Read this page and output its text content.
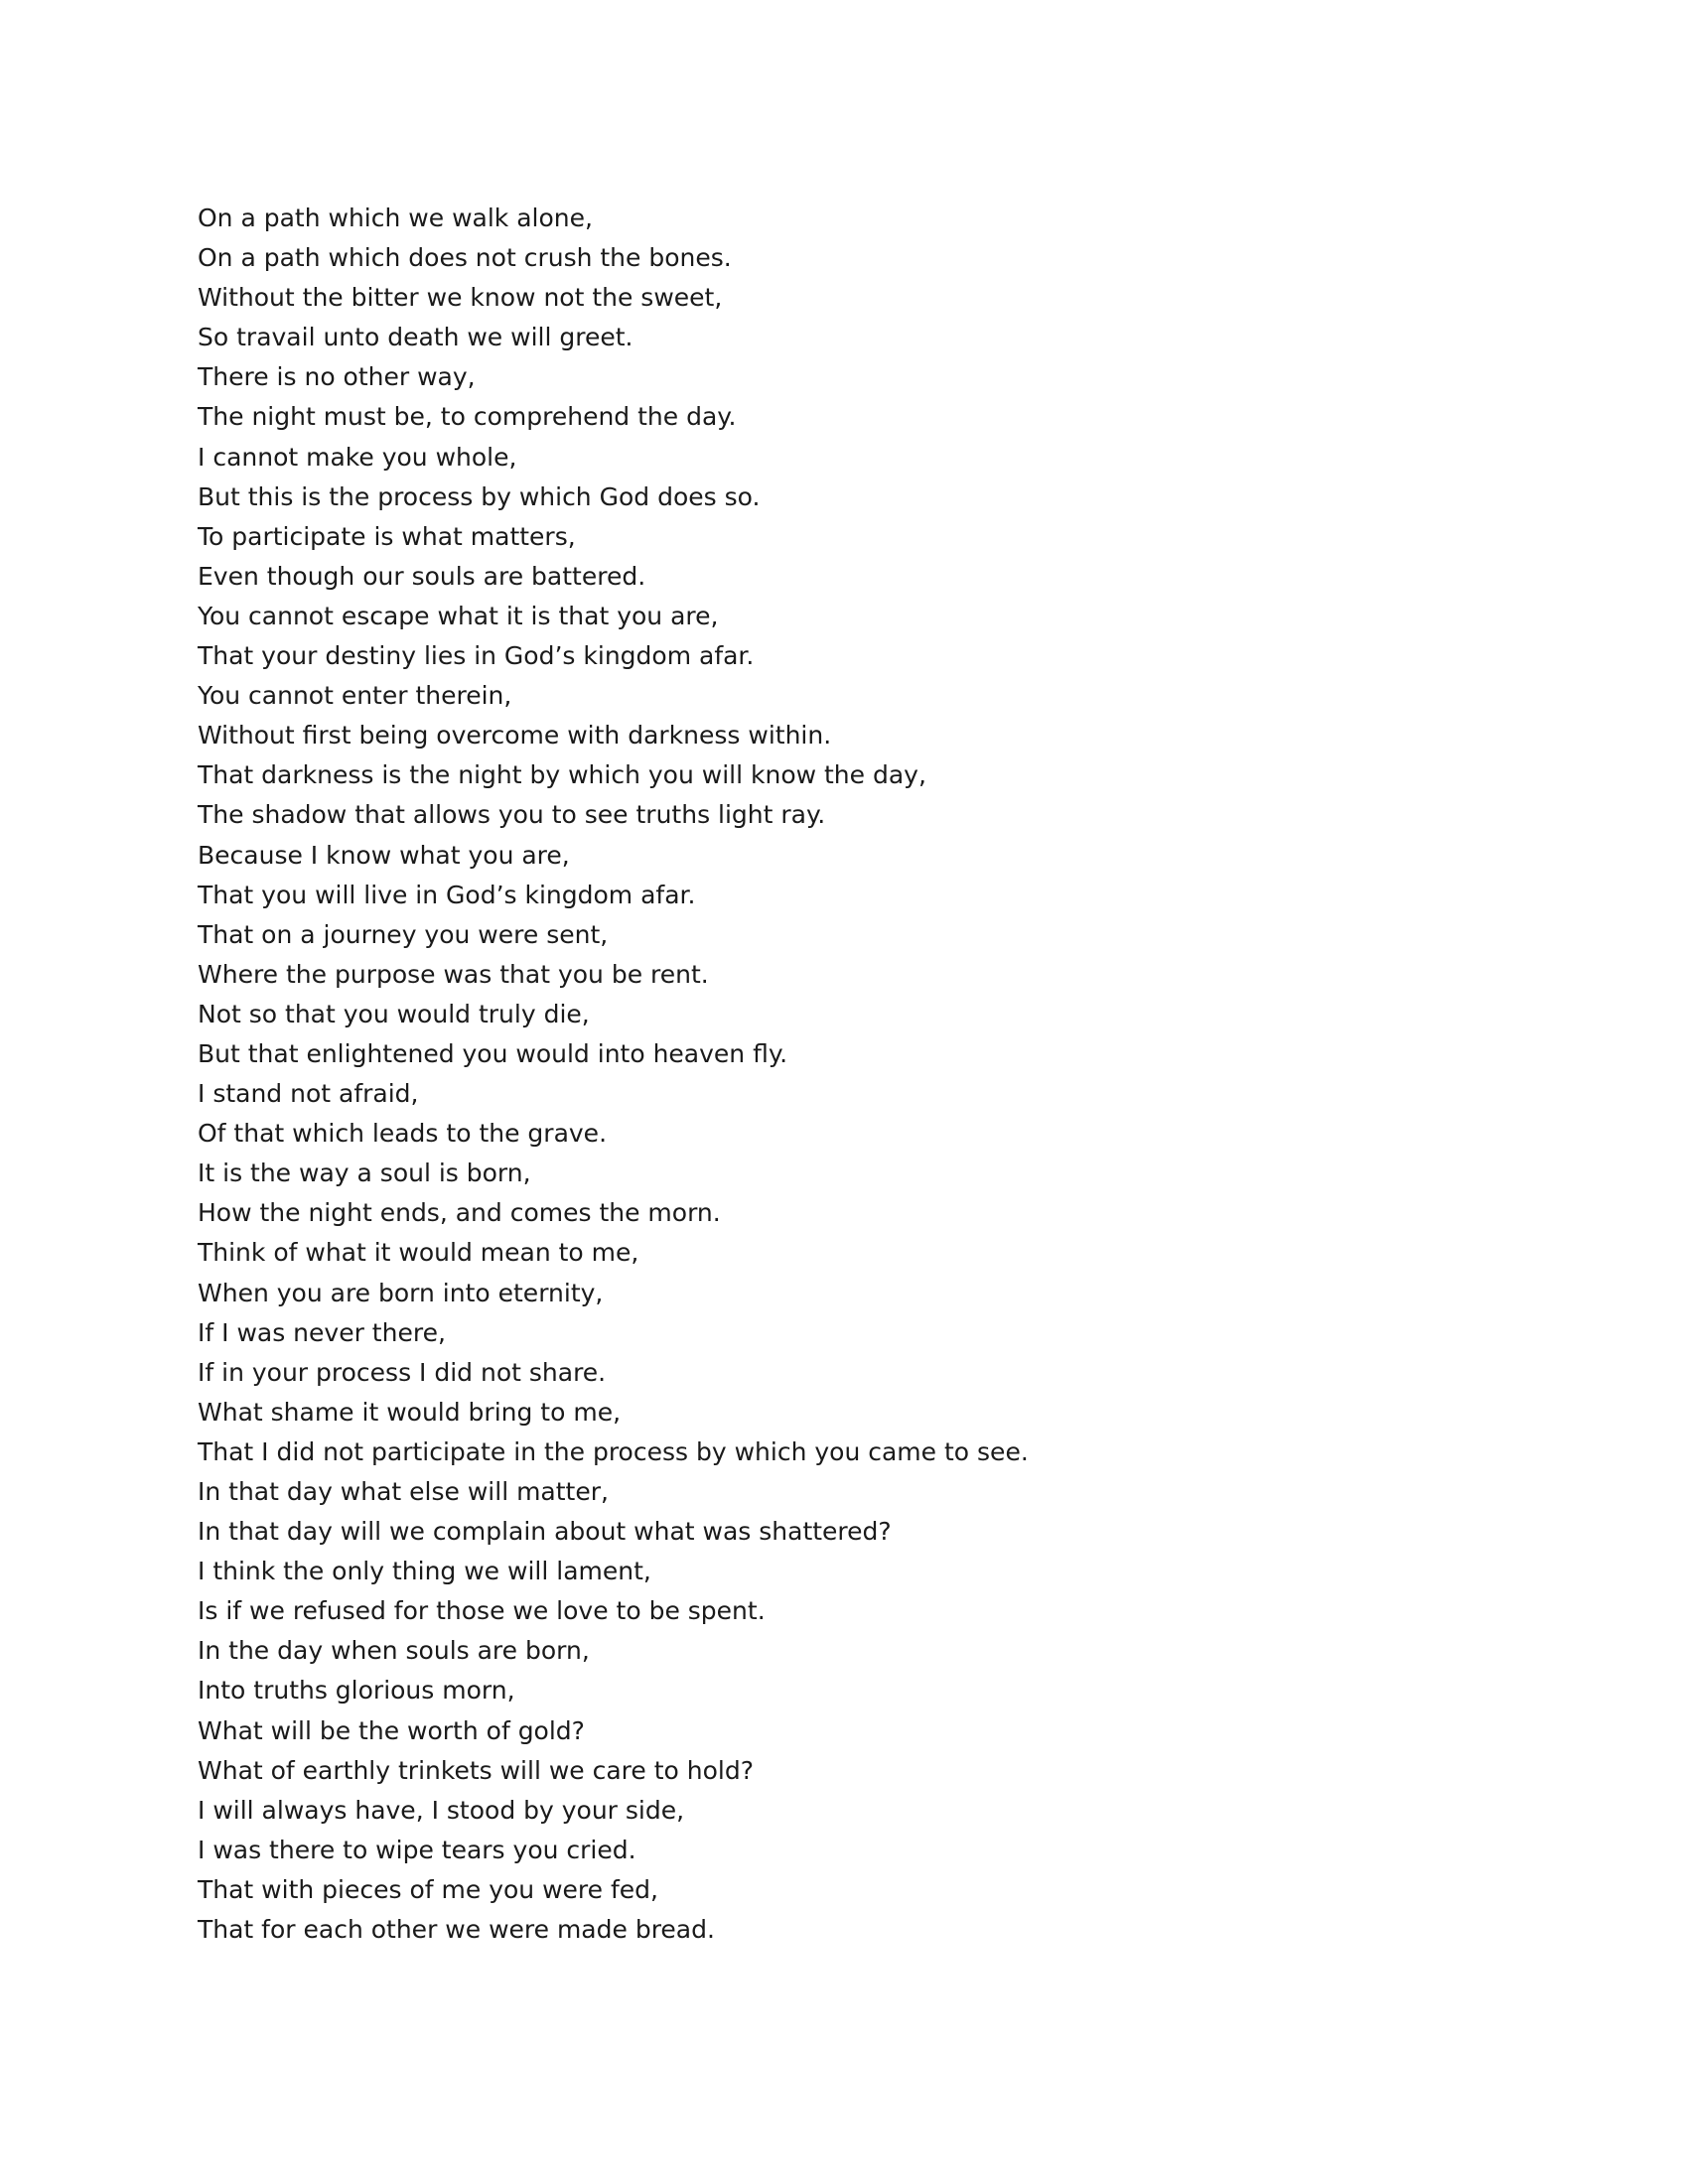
On a path which we walk alone,
On a path which does not crush the bones.
Without the bitter we know not the sweet,
So travail unto death we will greet.
There is no other way,
The night must be, to comprehend the day.
I cannot make you whole,
But this is the process by which God does so.
To participate is what matters,
Even though our souls are battered.
You cannot escape what it is that you are,
That your destiny lies in God’s kingdom afar.
You cannot enter therein,
Without first being overcome with darkness within.
That darkness is the night by which you will know the day,
The shadow that allows you to see truths light ray.
Because I know what you are,
That you will live in God’s kingdom afar.
That on a journey you were sent,
Where the purpose was that you be rent.
Not so that you would truly die,
But that enlightened you would into heaven fly.
I stand not afraid,
Of that which leads to the grave.
It is the way a soul is born,
How the night ends, and comes the morn.
Think of what it would mean to me,
When you are born into eternity,
If I was never there,
If in your process I did not share.
What shame it would bring to me,
That I did not participate in the process by which you came to see.
In that day what else will matter,
In that day will we complain about what was shattered?
I think the only thing we will lament,
Is if we refused for those we love to be spent.
In the day when souls are born,
Into truths glorious morn,
What will be the worth of gold?
What of earthly trinkets will we care to hold?
I will always have, I stood by your side,
I was there to wipe tears you cried.
That with pieces of me you were fed,
That for each other we were made bread.
